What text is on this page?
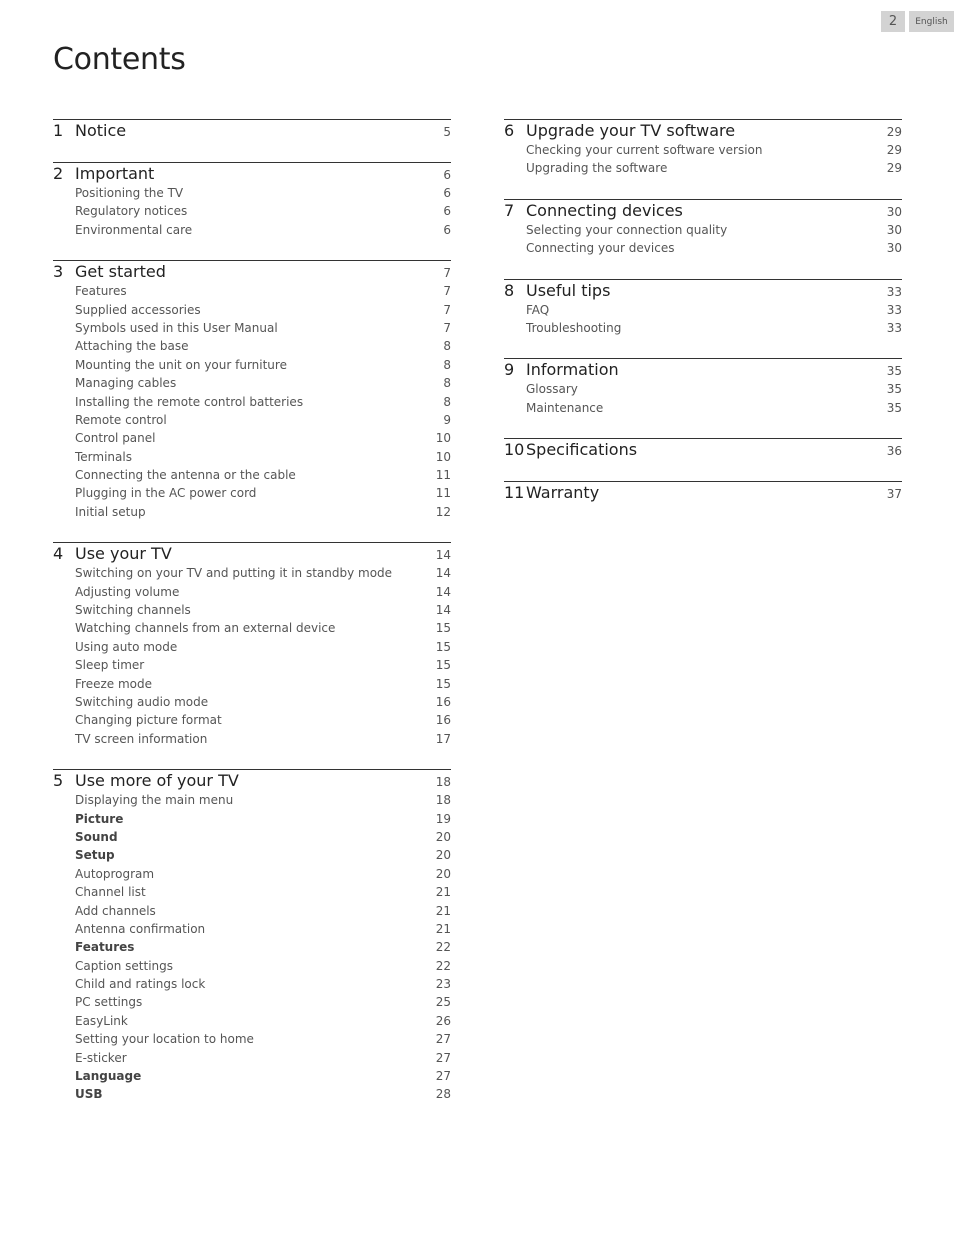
2	English
Contents
1 Notice	5
2 Important	6
Positioning the TV	6
Regulatory notices	6
Environmental care	6
3 Get started	7
Features	7
Supplied accessories	7
Symbols used in this User Manual	7
Attaching the base	8
Mounting the unit on your furniture	8
Managing cables	8
Installing the remote control batteries	8
Remote control	9
Control panel	10
Terminals	10
Connecting the antenna or the cable	11
Plugging in the AC power cord	11
Initial setup	12
4 Use your TV	14
Switching on your TV and putting it in standby mode	14
Adjusting volume	14
Switching channels	14
Watching channels from an external device	15
Using auto mode	15
Sleep timer	15
Freeze mode	15
Switching audio mode	16
Changing picture format	16
TV screen information	17
5 Use more of your TV	18
Displaying the main menu	18
Picture	19
Sound	20
Setup	20
Autoprogram	20
Channel list	21
Add channels	21
Antenna confirmation	21
Features	22
Caption settings	22
Child and ratings lock	23
PC settings	25
EasyLink	26
Setting your location to home	27
E-sticker	27
Language	27
USB	28
6 Upgrade your TV software	29
Checking your current software version	29
Upgrading the software	29
7 Connecting devices	30
Selecting your connection quality	30
Connecting your devices	30
8 Useful tips	33
FAQ	33
Troubleshooting	33
9 Information	35
Glossary	35
Maintenance	35
10 Specifications	36
11 Warranty	37
